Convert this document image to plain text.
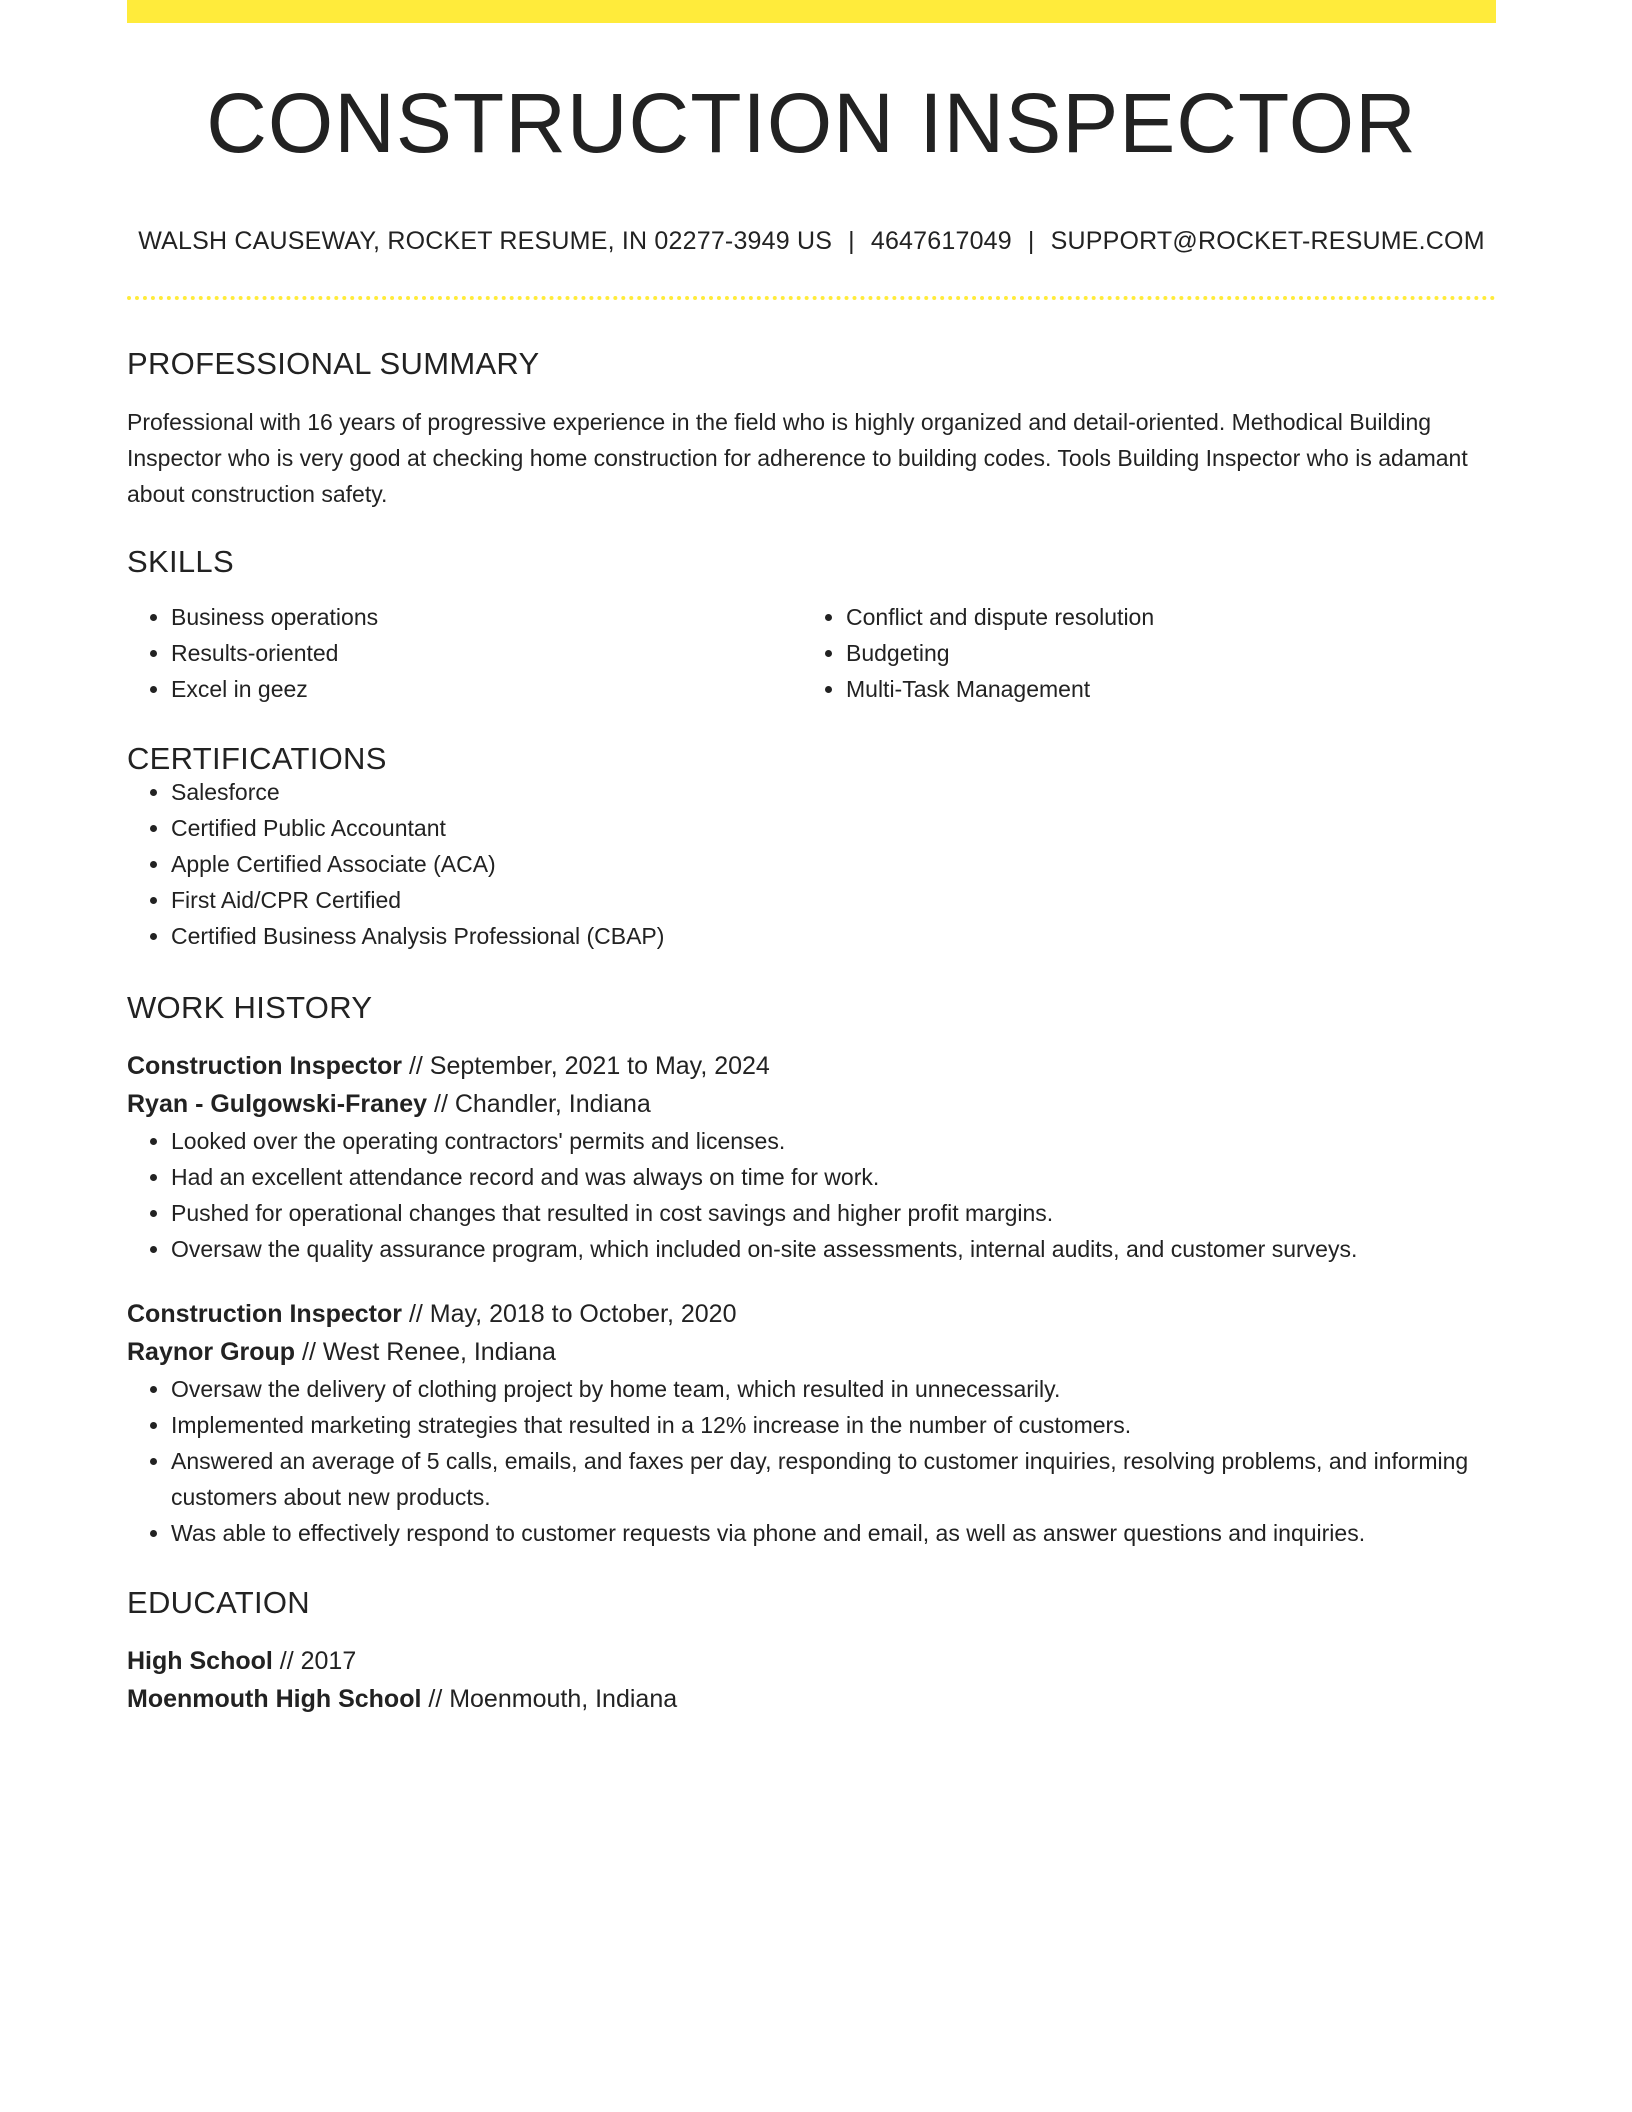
CONSTRUCTION INSPECTOR
WALSH CAUSEWAY, ROCKET RESUME, IN 02277-3949 US | 4647617049 | SUPPORT@ROCKET-RESUME.COM
PROFESSIONAL SUMMARY
Professional with 16 years of progressive experience in the field who is highly organized and detail-oriented. Methodical Building Inspector who is very good at checking home construction for adherence to building codes. Tools Building Inspector who is adamant about construction safety.
SKILLS
• Business operations
• Results-oriented
• Excel in geez
• Conflict and dispute resolution
• Budgeting
• Multi-Task Management
CERTIFICATIONS
• Salesforce
• Certified Public Accountant
• Apple Certified Associate (ACA)
• First Aid/CPR Certified
• Certified Business Analysis Professional (CBAP)
WORK HISTORY
Construction Inspector // September, 2021 to May, 2024
Ryan - Gulgowski-Franey // Chandler, Indiana
• Looked over the operating contractors' permits and licenses.
• Had an excellent attendance record and was always on time for work.
• Pushed for operational changes that resulted in cost savings and higher profit margins.
• Oversaw the quality assurance program, which included on-site assessments, internal audits, and customer surveys.
Construction Inspector // May, 2018 to October, 2020
Raynor Group // West Renee, Indiana
• Oversaw the delivery of clothing project by home team, which resulted in unnecessarily.
• Implemented marketing strategies that resulted in a 12% increase in the number of customers.
• Answered an average of 5 calls, emails, and faxes per day, responding to customer inquiries, resolving problems, and informing customers about new products.
• Was able to effectively respond to customer requests via phone and email, as well as answer questions and inquiries.
EDUCATION
High School // 2017
Moenmouth High School // Moenmouth, Indiana
